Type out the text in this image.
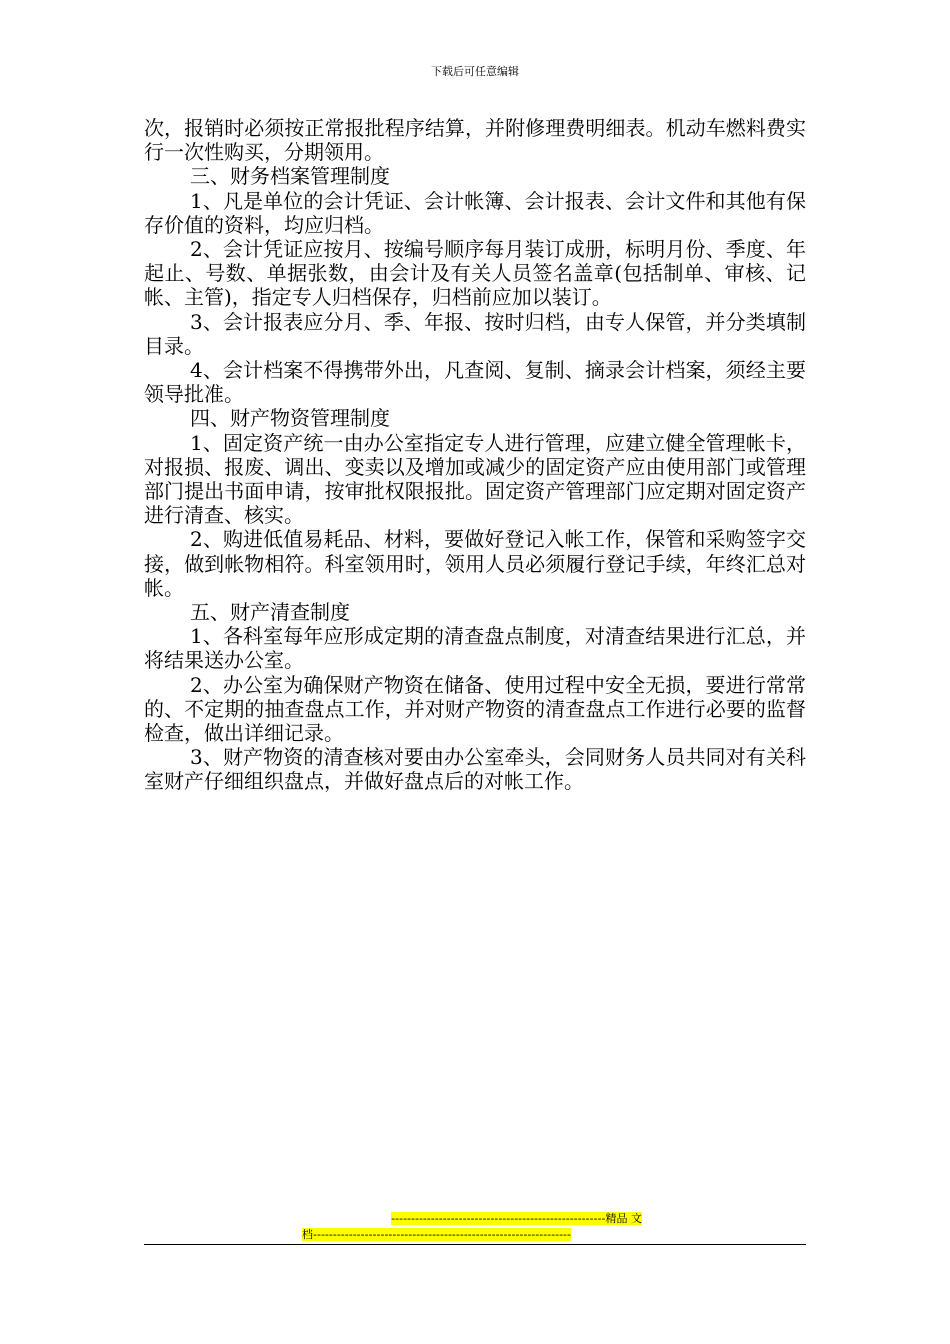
下载后可任意编辑

次，报销时必须按正常报批程序结算，并附修理费明细表。机动车燃料费实行一次性购买，分期领用。

三、财务档案管理制度

1、凡是单位的会计凭证、会计帐簿、会计报表、会计文件和其他有保存价值的资料，均应归档。

2、会计凭证应按月、按编号顺序每月装订成册，标明月份、季度、年起止、号数、单据张数，由会计及有关人员签名盖章(包括制单、审核、记帐、主管)，指定专人归档保存，归档前应加以装订。

3、会计报表应分月、季、年报、按时归档，由专人保管，并分类填制目录。

4、会计档案不得携带外出，凡查阅、复制、摘录会计档案，须经主要领导批准。

四、财产物资管理制度

1、固定资产统一由办公室指定专人进行管理，应建立健全管理帐卡，对报损、报废、调出、变卖以及增加或减少的固定资产应由使用部门或管理部门提出书面申请，按审批权限报批。固定资产管理部门应定期对固定资产进行清查、核实。

2、购进低值易耗品、材料，要做好登记入帐工作，保管和采购签字交接，做到帐物相符。科室领用时，领用人员必须履行登记手续，年终汇总对帐。

五、财产清查制度

1、各科室每年应形成定期的清查盘点制度，对清查结果进行汇总，并将结果送办公室。

2、办公室为确保财产物资在储备、使用过程中安全无损，要进行常常的、不定期的抽查盘点工作，并对财产物资的清查盘点工作进行必要的监督检查，做出详细记录。

3、财产物资的清查核对要由办公室牵头，会同财务人员共同对有关科室财产仔细组织盘点，并做好盘点后的对帐工作。

------------------------------------------------------精品 文
档-----------------------------------------------------------------
